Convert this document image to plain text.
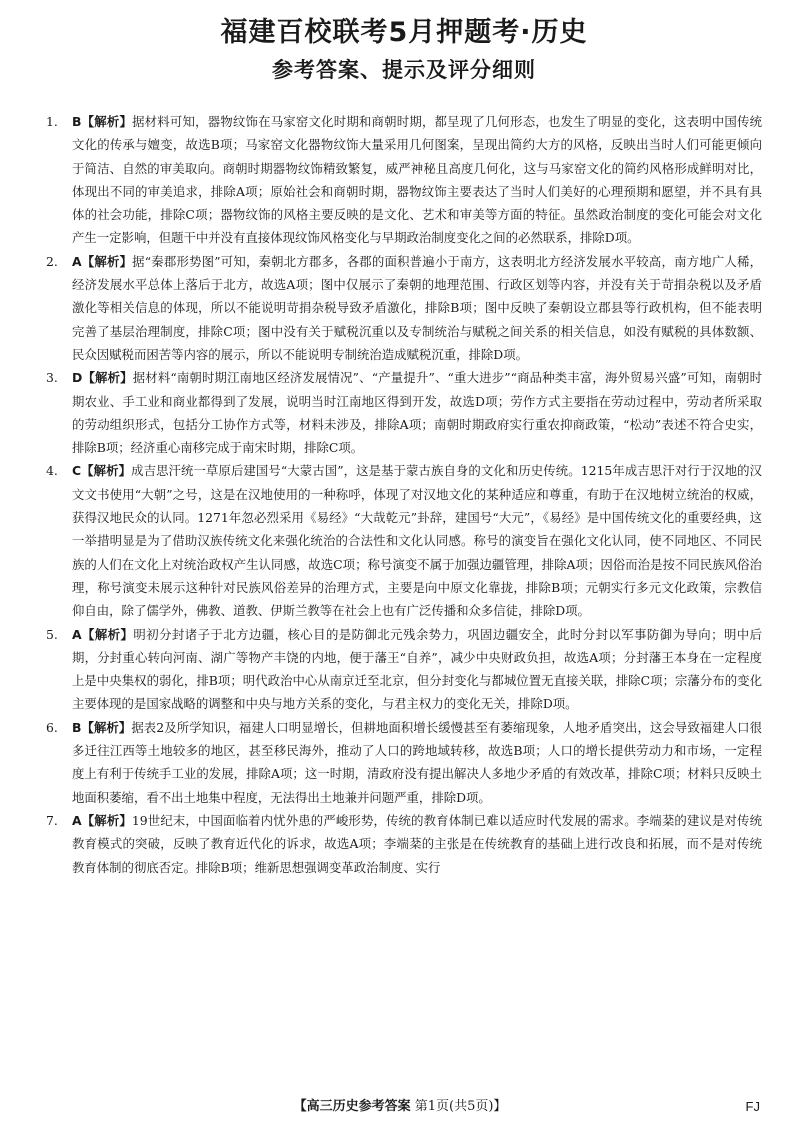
福建百校联考5月押题考·历史
参考答案、提示及评分细则

1. B【解析】据材料可知，器物纹饰在马家窑文化时期和商朝时期，都呈现了几何形态，也发生了明显的变化，这表明中国传统文化的传承与嬗变，故选B项；马家窑文化器物纹饰大量采用几何图案，呈现出简约大方的风格，反映出当时人们可能更倾向于简洁、自然的审美取向。商朝时期器物纹饰精致繁复，威严神秘且高度几何化，这与马家窑文化的简约风格形成鲜明对比，体现出不同的审美追求，排除A项；原始社会和商朝时期，器物纹饰主要表达了当时人们美好的心理预期和愿望，并不具有具体的社会功能，排除C项；器物纹饰的风格主要反映的是文化、艺术和审美等方面的特征。虽然政治制度的变化可能会对文化产生一定影响，但题干中并没有直接体现纹饰风格变化与早期政治制度变化之间的必然联系，排除D项。

2. A【解析】据“秦郡形势图”可知，秦朝北方郡多，各郡的面积普遍小于南方，这表明北方经济发展水平较高，南方地广人稀，经济发展水平总体上落后于北方，故选A项；图中仅展示了秦朝的地理范围、行政区划等内容，并没有关于苛捐杂税以及矛盾激化等相关信息的体现，所以不能说明苛捐杂税导致矛盾激化，排除B项；图中反映了秦朝设立郡县等行政机构，但不能表明完善了基层治理制度，排除C项；图中没有关于赋税沉重以及专制统治与赋税之间关系的相关信息，如没有赋税的具体数额、民众因赋税而困苦等内容的展示，所以不能说明专制统治造成赋税沉重，排除D项。

3. D【解析】据材料“南朝时期江南地区经济发展情况”、“产量提升”、“重大进步”“商品种类丰富，海外贸易兴盛”可知，南朝时期农业、手工业和商业都得到了发展，说明当时江南地区得到开发，故选D项；劳作方式主要指在劳动过程中，劳动者所采取的劳动组织形式，包括分工协作方式等，材料未涉及，排除A项；南朝时期政府实行重农抑商政策，“松动”表述不符合史实，排除B项；经济重心南移完成于南宋时期，排除C项。

4. C【解析】成吉思汗统一草原后建国号“大蒙古国”，这是基于蒙古族自身的文化和历史传统。1215年成吉思汗对行于汉地的汉文文书使用“大朝”之号，这是在汉地使用的一种称呼，体现了对汉地文化的某种适应和尊重，有助于在汉地树立统治的权威，获得汉地民众的认同。1271年忽必烈采用《易经》“大哉乾元”卦辞，建国号“大元”，《易经》是中国传统文化的重要经典，这一举措明显是为了借助汉族传统文化来强化统治的合法性和文化认同感。称号的演变旨在强化文化认同，使不同地区、不同民族的人们在文化上对统治政权产生认同感，故选C项；称号演变不属于加强边疆管理，排除A项；因俗而治是按不同民族风俗治理，称号演变未展示这种针对民族风俗差异的治理方式，主要是向中原文化靠拢，排除B项；元朝实行多元文化政策，宗教信仰自由，除了儒学外，佛教、道教、伊斯兰教等在社会上也有广泛传播和众多信徒，排除D项。

5. A【解析】明初分封诸子于北方边疆，核心目的是防御北元残余势力，巩固边疆安全，此时分封以军事防御为导向；明中后期，分封重心转向河南、湖广等物产丰饶的内地，便于藩王“自养”，减少中央财政负担，故选A项；分封藩王本身在一定程度上是中央集权的弱化，排B项；明代政治中心从南京迁至北京，但分封变化与都城位置无直接关联，排除C项；宗藩分布的变化主要体现的是国家战略的调整和中央与地方关系的变化，与君主权力的变化无关，排除D项。

6. B【解析】据表2及所学知识，福建人口明显增长，但耕地面积增长缓慢甚至有萎缩现象，人地矛盾突出，这会导致福建人口很多迁往江西等土地较多的地区，甚至移民海外，推动了人口的跨地域转移，故选B项；人口的增长提供劳动力和市场，一定程度上有利于传统手工业的发展，排除A项；这一时期，清政府没有提出解决人多地少矛盾的有效改革，排除C项；材料只反映土地面积萎缩，看不出土地集中程度，无法得出土地兼并问题严重，排除D项。

7. A【解析】19世纪末，中国面临着内忧外患的严峻形势，传统的教育体制已难以适应时代发展的需求。李端棻的建议是对传统教育模式的突破，反映了教育近代化的诉求，故选A项；李端棻的主张是在传统教育的基础上进行改良和拓展，而不是对传统教育体制的彻底否定。排除B项；维新思想强调变革政治制度、实行

【高三历史参考答案 第1页(共5页)】	FJ
